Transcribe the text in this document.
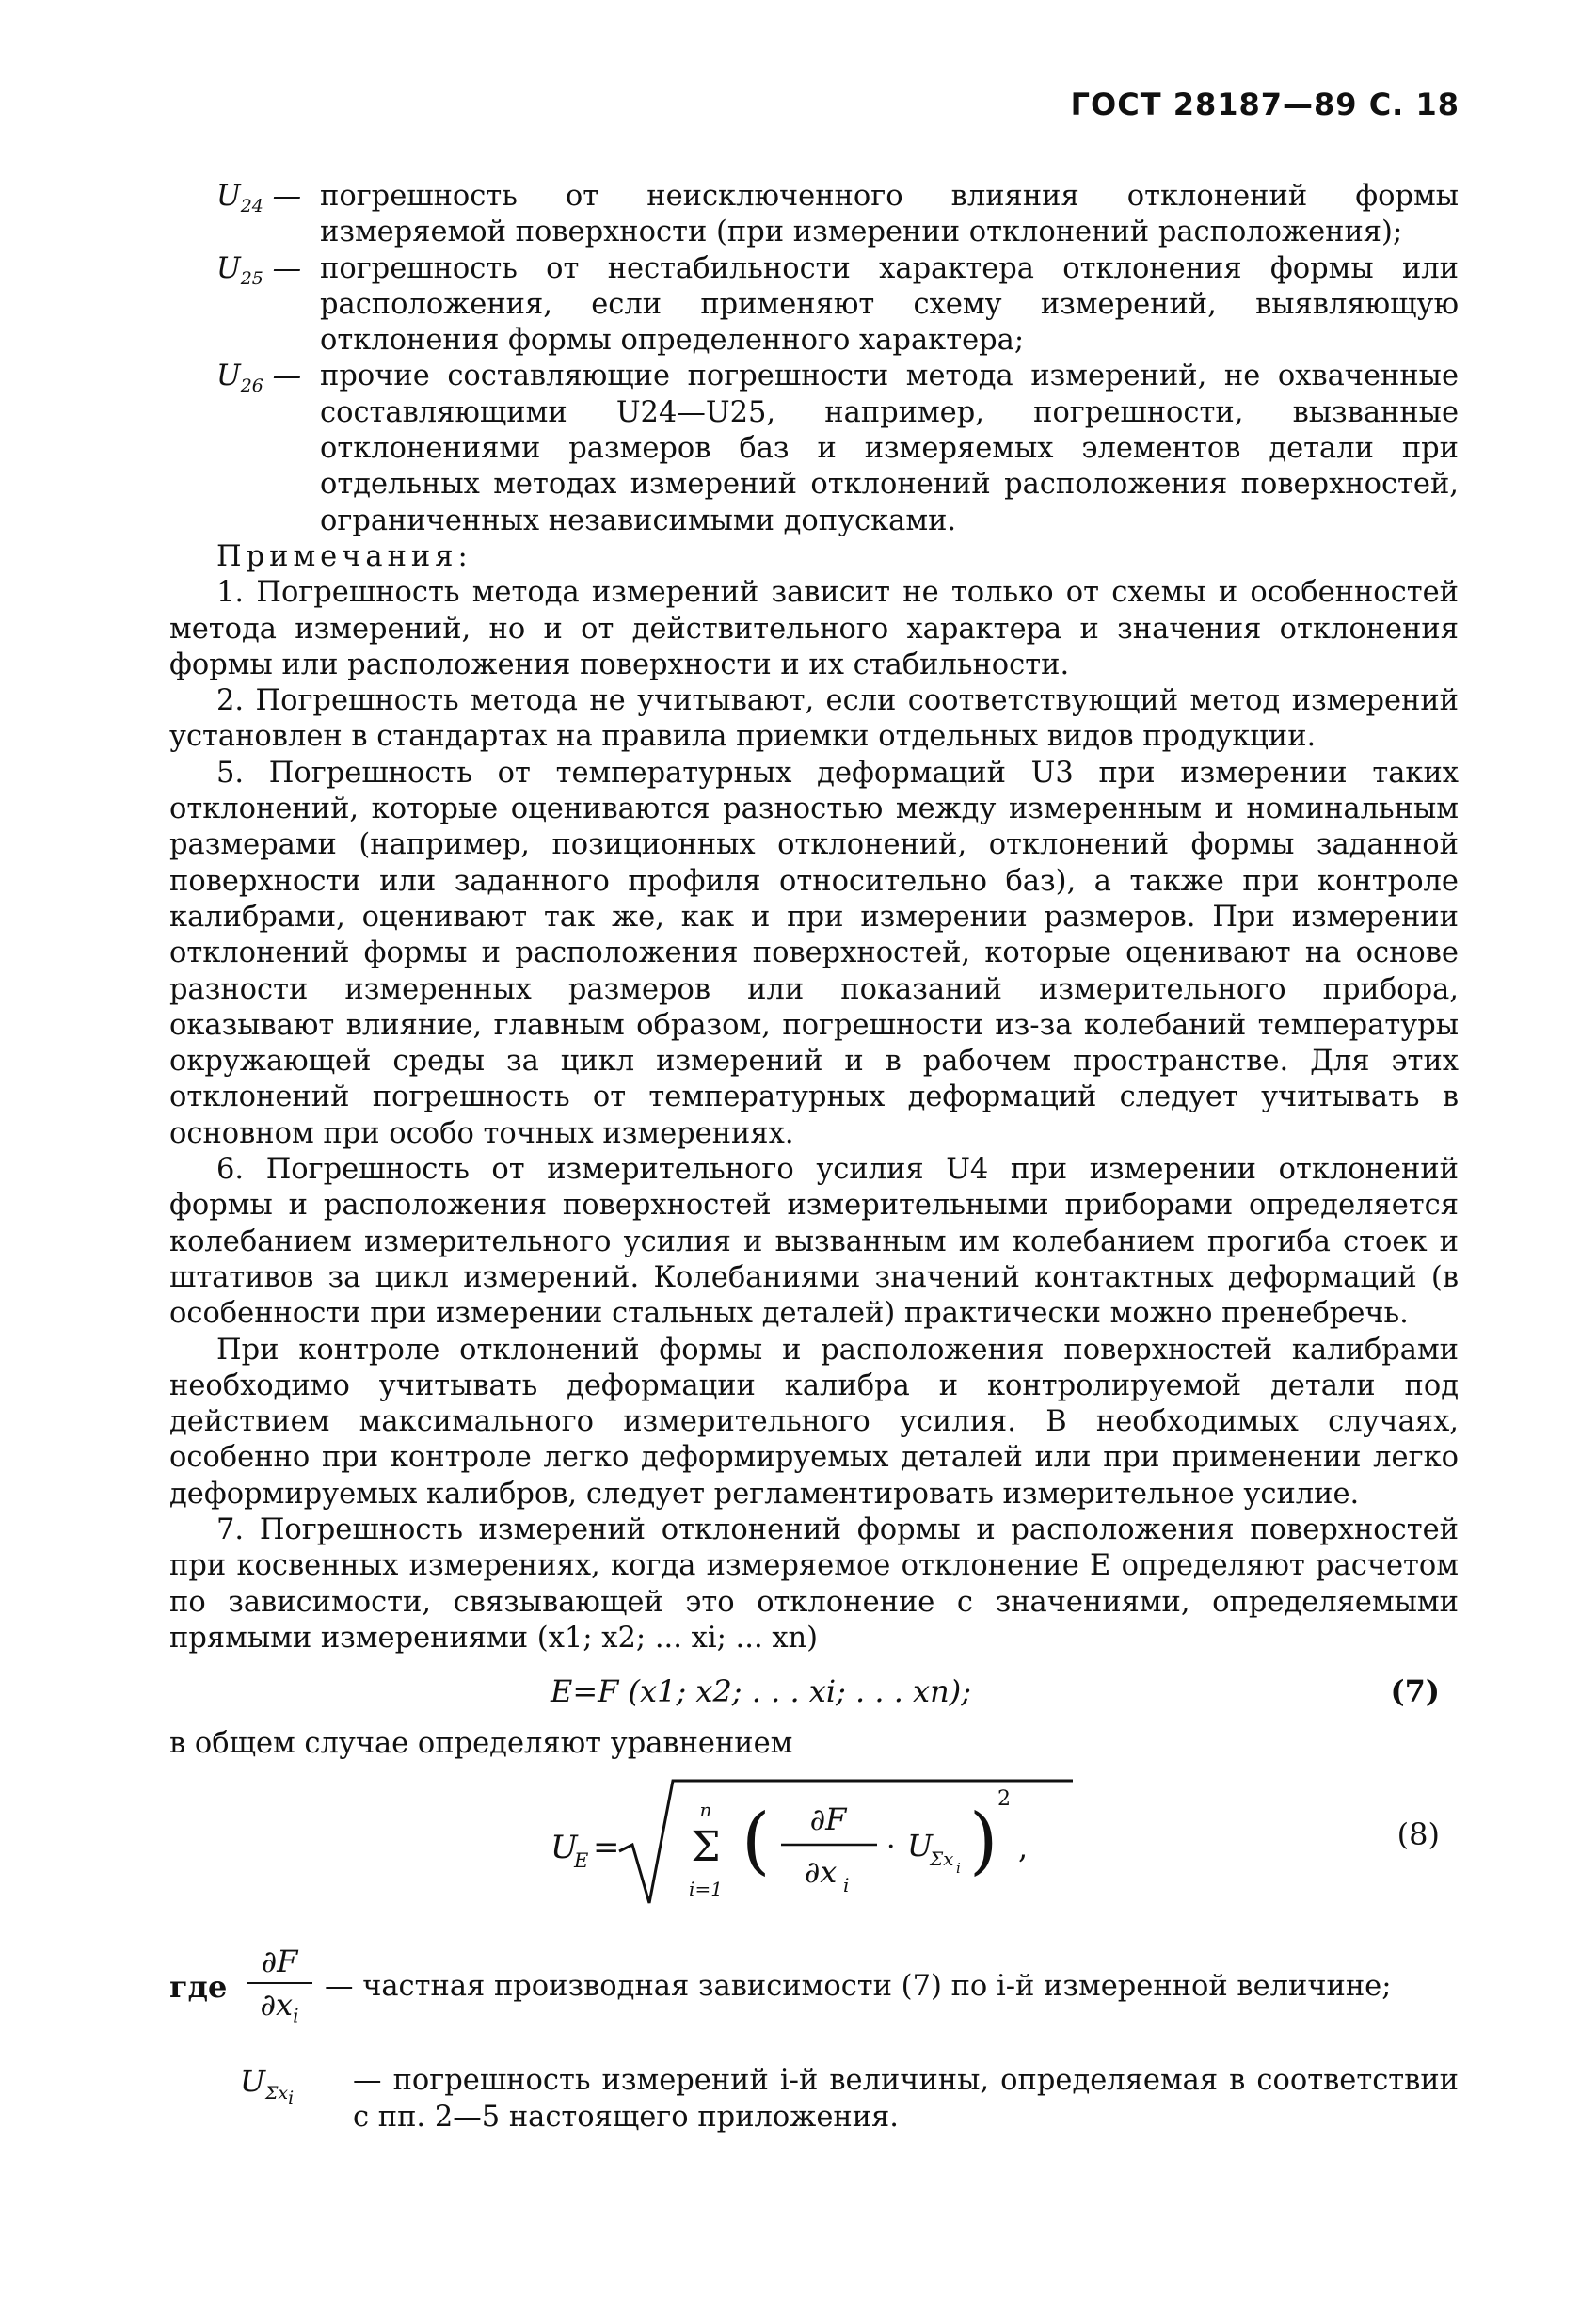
ГОСТ 28187—89 С. 18
$U_{24}$ — погрешность от неисключенного влияния отклонений формы измеряемой поверхности (при измерении отклонений расположения);
$U_{25}$ — погрешность от нестабильности характера отклонения формы или расположения, если применяют схему измерений, выявляющую отклонения формы определенного характера;
$U_{26}$ — прочие составляющие погрешности метода измерений, не охваченные составляющими U24—U25, например, погрешности, вызванные отклонениями размеров баз и измеряемых элементов детали при отдельных методах измерений отклонений расположения поверхностей, ограниченных независимыми допусками.

Примечания:

1. Погрешность метода измерений зависит не только от схемы и особенностей метода измерений, но и от действительного характера и значения отклонения формы или расположения поверхности и их стабильности.

2. Погрешность метода не учитывают, если соответствующий метод измерений установлен в стандартах на правила приемки отдельных видов продукции.

5. Погрешность от температурных деформаций U3 при измерении таких отклонений, которые оцениваются разностью между измеренным и номинальным размерами (например, позиционных отклонений, отклонений формы заданной поверхности или заданного профиля относительно баз), а также при контроле калибрами, оценивают так же, как и при измерении размеров. При измерении отклонений формы и расположения поверхностей, которые оценивают на основе разности измеренных размеров или показаний измерительного прибора, оказывают влияние, главным образом, погрешности из-за колебаний температуры окружающей среды за цикл измерений и в рабочем пространстве. Для этих отклонений погрешность от температурных деформаций следует учитывать в основном при особо точных измерениях.

6. Погрешность от измерительного усилия U4 при измерении отклонений формы и расположения поверхностей измерительными приборами определяется колебанием измерительного усилия и вызванным им колебанием прогиба стоек и штативов за цикл измерений. Колебаниями значений контактных деформаций (в особенности при измерении стальных деталей) практически можно пренебречь.

При контроле отклонений формы и расположения поверхностей калибрами необходимо учитывать деформации калибра и контролируемой детали под действием максимального измерительного усилия. В необходимых случаях, особенно при контроле легко деформируемых деталей или при применении легко деформируемых калибров, следует регламентировать измерительное усилие.

7. Погрешность измерений отклонений формы и расположения поверхностей при косвенных измерениях, когда измеряемое отклонение E определяют расчетом по зависимости, связывающей это отклонение с значениями, определяемыми прямыми измерениями (x1; x2; ... xi; ... xn)

E=F (x1; x2; . . . xi; . . . xn);	(7)

в общем случае определяют уравнением

U
E =
n
Σ
i=1
( ∂F
∂x i
· U
Σx i ) 2
,	(8)
где $\frac{\partial F}{\partial x_i}$ — частная производная зависимости (7) по i-й измеренной величине;
$U_{\Sigma x_i}$

— погрешность измерений i-й величины, определяемая в соответствии с пп. 2—5 настоящего приложения.
